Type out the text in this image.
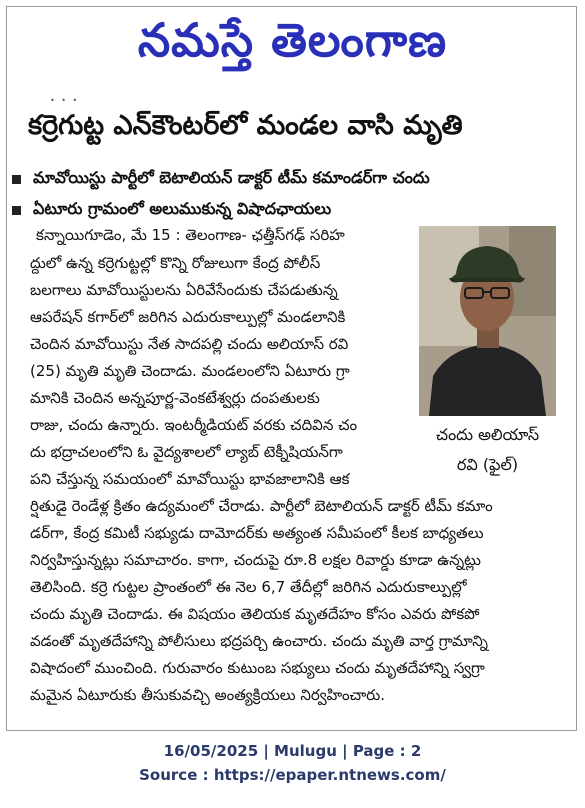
నమస్తే తెలంగాణ
• • •
కర్రెగుట్ట ఎన్‌కౌంటర్‌లో మండల వాసి మృతి
మావోయిస్టు పార్టీలో బెటాలియన్ డాక్టర్ టీమ్ కమాండర్‌గా చందు
ఏటూరు గ్రామంలో అలుముకున్న విషాదఛాయలు
చందు అలియాస్
రవి (ఫైల్)
కన్నాయిగూడెం, మే 15 : తెలంగాణ- ఛత్తీస్‌గఢ్ సరిహ
ద్దులో ఉన్న కర్రెగుట్టల్లో కొన్ని రోజులుగా కేంద్ర పోలీస్
బలగాలు మావోయిస్టులను ఏరివేసేందుకు చేపడుతున్న
ఆపరేషన్ కగార్‌లో జరిగిన ఎదురుకాల్పుల్లో మండలానికి
చెందిన మావోయిస్టు నేత సాదపల్లి చందు అలియాస్ రవి
(25) మృతి మృతి చెందాడు. మండలంలోని ఏటూరు గ్రా
మానికి చెందిన అన్నపూర్ణ-వెంకటేశ్వర్లు దంపతులకు
రాజు, చందు ఉన్నారు. ఇంటర్మీడియట్ వరకు చదివిన చం
దు భద్రాచలంలోని ఓ వైద్యశాలలో ల్యాబ్ టెక్నీషియన్‌గా
పని చేస్తున్న సమయంలో మావోయిస్టు భావజాలానికి ఆక
ర్షితుడై రెండేళ్ల క్రితం ఉద్యమంలో చేరాడు. పార్టీలో బెటాలియన్ డాక్టర్ టీమ్ కమాం
డర్‌గా, కేంద్ర కమిటీ సభ్యుడు దామోదర్‌కు అత్యంత సమీపంలో కీలక బాధ్యతలు
నిర్వహిస్తున్నట్లు సమాచారం. కాగా, చందుపై రూ.8 లక్షల రివార్డు కూడా ఉన్నట్లు
తెలిసింది. కర్రె గుట్టల ప్రాంతంలో ఈ నెల 6,7 తేదీల్లో జరిగిన ఎదురుకాల్పుల్లో
చందు మృతి చెందాడు. ఈ విషయం తెలియక మృతదేహం కోసం ఎవరు పోకపో
వడంతో మృతదేహాన్ని పోలీసులు భద్రపర్చి ఉంచారు. చందు మృతి వార్త గ్రామాన్ని
విషాదంలో ముంచింది. గురువారం కుటుంబ సభ్యులు చందు మృతదేహాన్ని స్వగ్రా
మమైన ఏటూరుకు తీసుకువచ్చి అంత్యక్రియలు నిర్వహించారు.
16/05/2025 | Mulugu | Page : 2
Source : https://epaper.ntnews.com/
